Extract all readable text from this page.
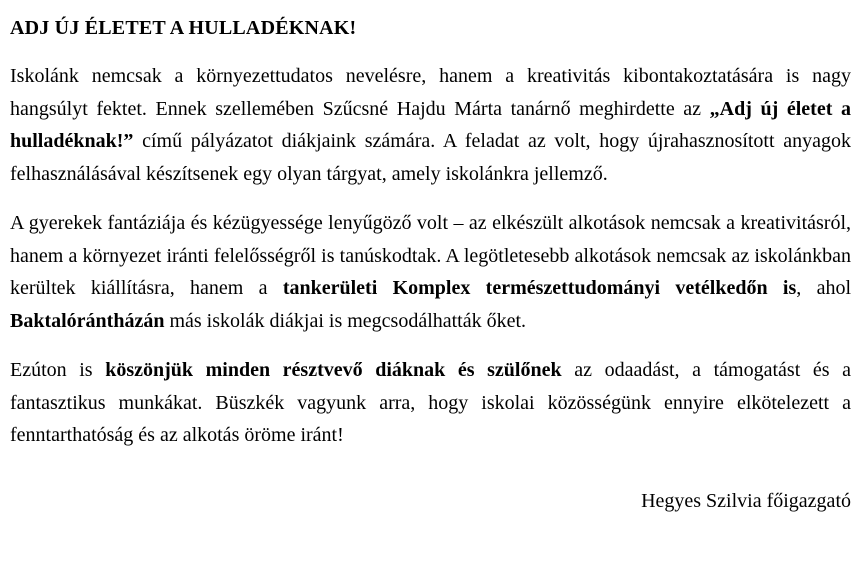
ADJ ÚJ ÉLETET A HULLADÉKNAK!

Iskolánk nemcsak a környezettudatos nevelésre, hanem a kreativitás kibontakoztatására is nagy hangsúlyt fektet. Ennek szellemében Szűcsné Hajdu Márta tanárnő meghirdette az „Adj új életet a hulladéknak!” című pályázatot diákjaink számára. A feladat az volt, hogy újrahasznosított anyagok felhasználásával készítsenek egy olyan tárgyat, amely iskolánkra jellemző.

A gyerekek fantáziája és kézügyessége lenyűgöző volt – az elkészült alkotások nemcsak a kreativitásról, hanem a környezet iránti felelősségről is tanúskodtak. A legötletesebb alkotások nemcsak az iskolánkban kerültek kiállításra, hanem a tankerületi Komplex természettudományi vetélkedőn is, ahol Baktalórántházán más iskolák diákjai is megcsodálhatták őket.

Ezúton is köszönjük minden résztvevő diáknak és szülőnek az odaadást, a támogatást és a fantasztikus munkákat. Büszkék vagyunk arra, hogy iskolai közösségünk ennyire elkötelezett a fenntarthatóság és az alkotás öröme iránt!

Hegyes Szilvia főigazgató
